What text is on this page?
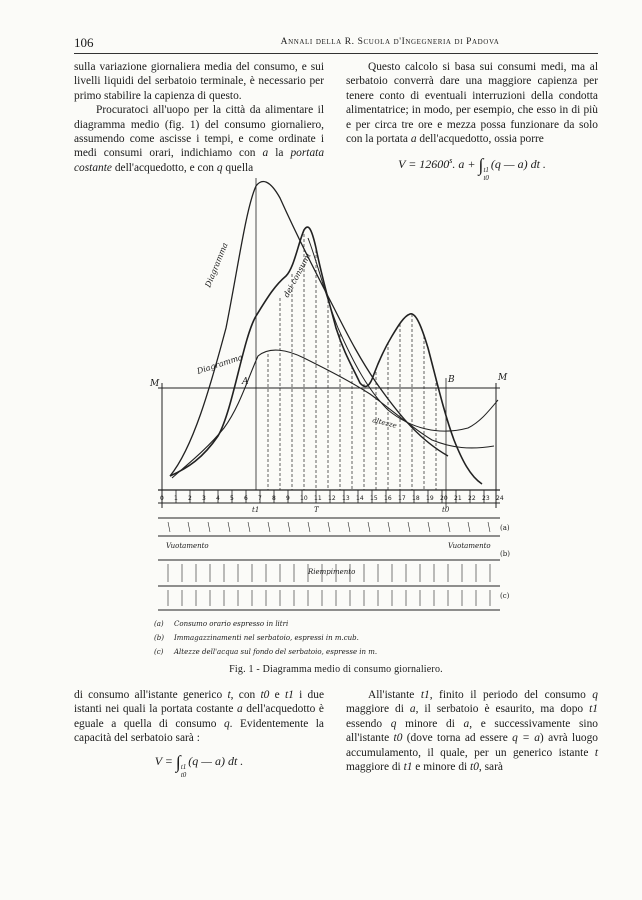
106	Annali della R. Scuola d'Ingegneria di Padova

sulla variazione giornaliera media del consumo, e sui livelli liquidi del serbatoio terminale, è necessario per primo stabilire la capienza di questo.

Procuratoci all'uopo per la città da alimentare il diagramma medio (fig. 1) del consumo giornaliero, assumendo come ascisse i tempi, e come ordinate i medi consumi orari, indichiamo con a la portata costante dell'acquedotto, e con q quella

Questo calcolo si basa sui consumi medi, ma al serbatoio converrà dare una maggiore capienza per tenere conto di eventuali interruzioni della condotta alimentatrice; in modo, per esempio, che esso in di più e per circa tre ore e mezza possa funzionare da solo con la portata a dell'acquedotto, ossia porre

$V = 12600^s$. a + ∫ t1
t0
(q — a) dt .
M
M
A	B
Diagramma
Diagramma
dei consumi
altezze
t1	t0
T
Vuotamento	Vuotamento
Riempimento
(a)
(b)
(c)
0 1 2 3 4 5 6 7 8 9 10 11 12 13 14 15 16 17 18 19 20 21 22 23 24
(a) Consumo orario espresso in litri
(b) Immagazzinamenti nel serbatoio, espressi in m.cub.
(c) Altezze dell'acqua sul fondo del serbatoio, espresse in m.
Fig. 1 - Diagramma medio di consumo giornaliero.

di consumo all'istante generico t, con t0 e t1 i due istanti nei quali la portata costante a dell'acquedotto è eguale a quella di consumo q. Evidentemente la capacità del serbatoio sarà :

V = ∫ t1
t0
(q — a) dt .

All'istante t1, finito il periodo del consumo q maggiore di a, il serbatoio è esaurito, ma dopo t1 essendo q minore di a, e successivamente sino all'istante t0 (dove torna ad essere q = a) avrà luogo accumulamento, il quale, per un generico istante t maggiore di t1 e minore di t0, sarà
